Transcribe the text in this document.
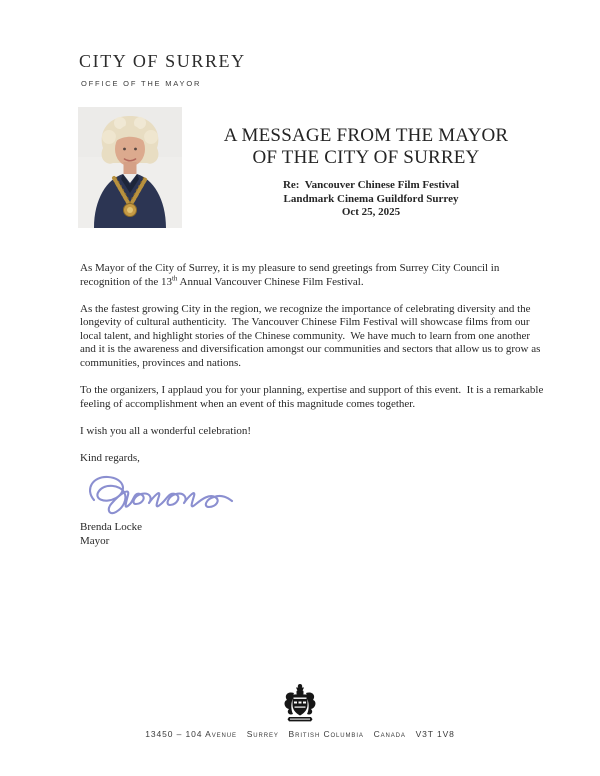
CITY OF SURREY
OFFICE OF THE MAYOR
A MESSAGE FROM THE MAYOR
OF THE CITY OF SURREY
Re:  Vancouver Chinese Film Festival
Landmark Cinema Guildford Surrey
Oct 25, 2025

As Mayor of the City of Surrey, it is my pleasure to send greetings from Surrey City Council in recognition of the 13th Annual Vancouver Chinese Film Festival.

As the fastest growing City in the region, we recognize the importance of celebrating diversity and the longevity of cultural authenticity.  The Vancouver Chinese Film Festival will showcase films from our local talent, and highlight stories of the Chinese community.  We have much to learn from one another and it is the awareness and diversification amongst our communities and sectors that allow us to grow as communities, provinces and nations.

To the organizers, I applaud you for your planning, expertise and support of this event.  It is a remarkable feeling of accomplishment when an event of this magnitude comes together.

I wish you all a wonderful celebration!

Kind regards,

Brenda Locke
Mayor
13450 – 104 Avenue   Surrey   British Columbia   Canada   V3T 1V8
